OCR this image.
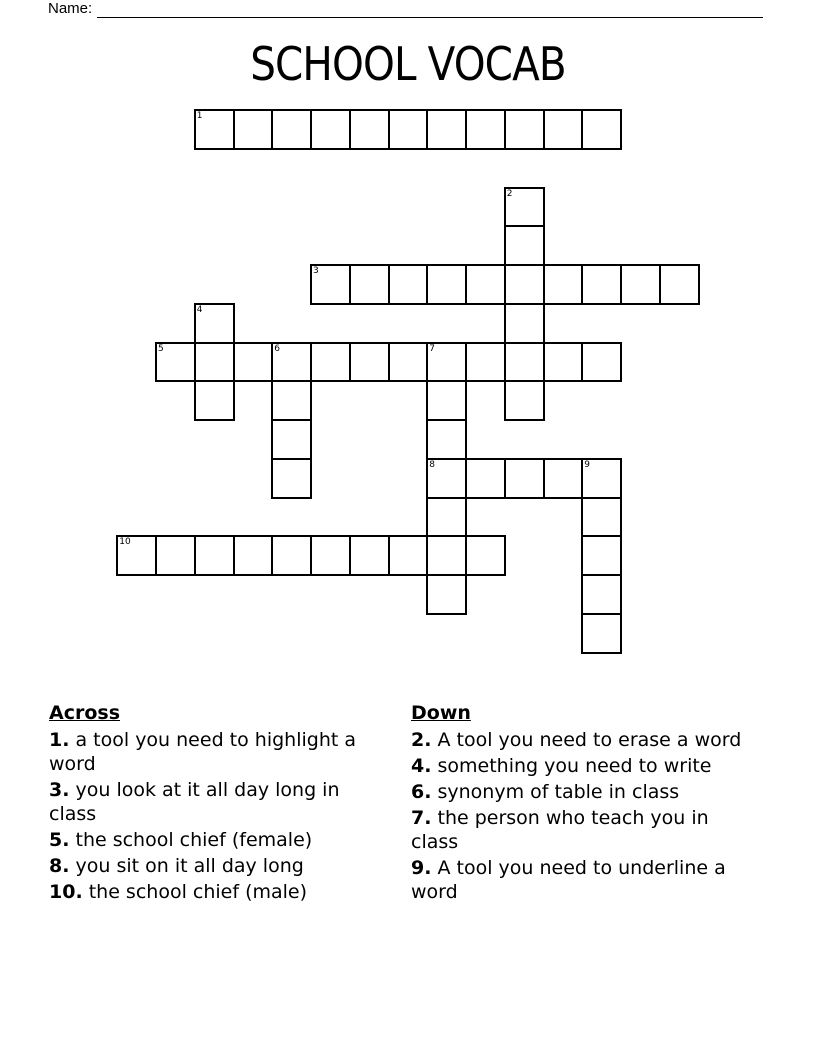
Name:
SCHOOL VOCAB
1
2
3
4
5	6	7
8	9
10
Across
1. a tool you need to highlight a word
3. you look at it all day long in class
5. the school chief (female)
8. you sit on it all day long
10. the school chief (male)
Down
2. A tool you need to erase a word
4. something you need to write
6. synonym of table in class
7. the person who teach you in class
9. A tool you need to underline a word
